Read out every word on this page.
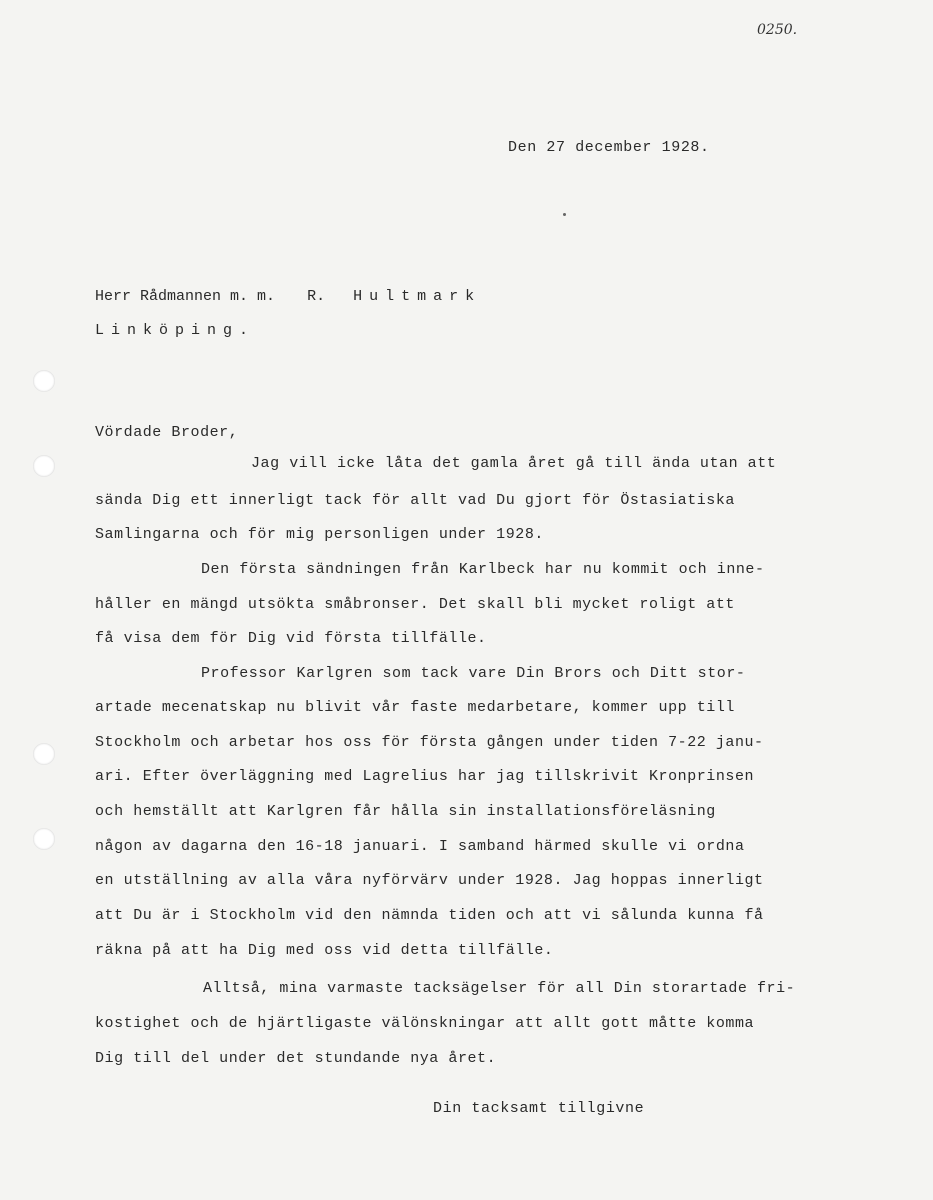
0250.
Den 27 december 1928.
Herr Rådmannen m. m. R. Hultmark
Linköping.
Vördade Broder,
Jag vill icke låta det gamla året gå till ända utan att
sända Dig ett innerligt tack för allt vad Du gjort för Östasiatiska
Samlingarna och för mig personligen under 1928.
Den första sändningen från Karlbeck har nu kommit och inne-
håller en mängd utsökta småbronser. Det skall bli mycket roligt att
få visa dem för Dig vid första tillfälle.
Professor Karlgren som tack vare Din Brors och Ditt stor-
artade mecenatskap nu blivit vår faste medarbetare, kommer upp till
Stockholm och arbetar hos oss för första gången under tiden 7-22 janu-
ari. Efter överläggning med Lagrelius har jag tillskrivit Kronprinsen
och hemställt att Karlgren får hålla sin installationsföreläsning
någon av dagarna den 16-18 januari. I samband härmed skulle vi ordna
en utställning av alla våra nyförvärv under 1928. Jag hoppas innerligt
att Du är i Stockholm vid den nämnda tiden och att vi sålunda kunna få
räkna på att ha Dig med oss vid detta tillfälle.
Alltså, mina varmaste tacksägelser för all Din storartade fri-
kostighet och de hjärtligaste välönskningar att allt gott måtte komma
Dig till del under det stundande nya året.
Din tacksamt tillgivne
